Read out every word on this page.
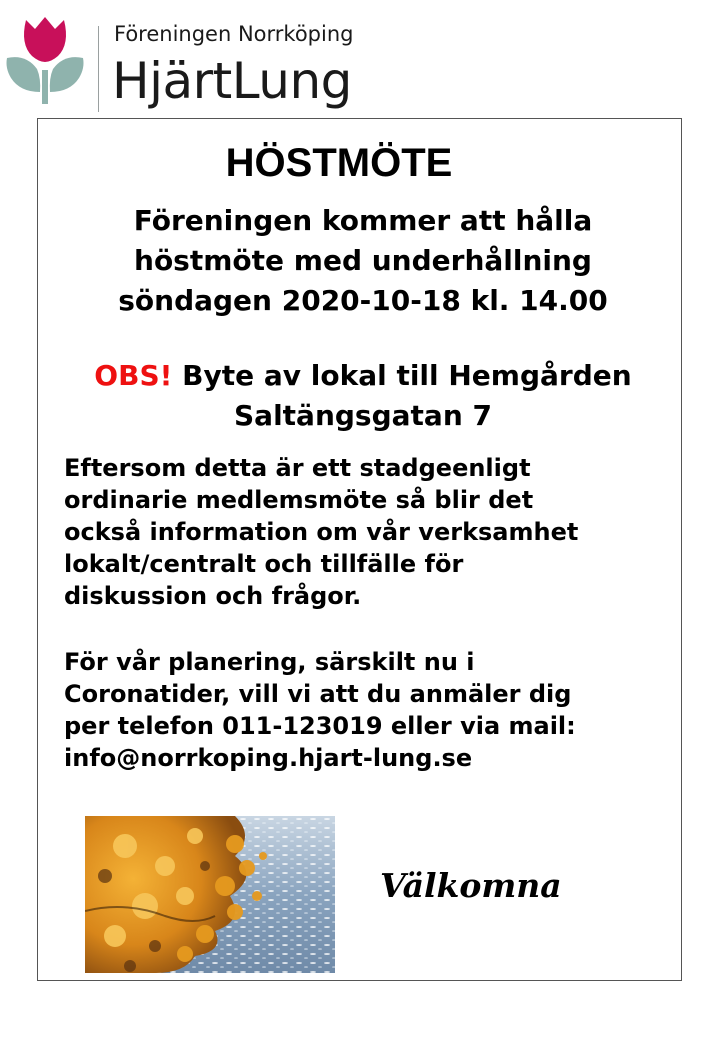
Föreningen Norrköping
HjärtLung
HÖSTMÖTE

Föreningen kommer att hålla
höstmöte med underhållning
söndagen 2020-10-18 kl. 14.00

OBS! Byte av lokal till Hemgården
Saltängsgatan 7

Eftersom detta är ett stadgeenligt
ordinarie medlemsmöte så blir det
också information om vår verksamhet
lokalt/centralt och tillfälle för
diskussion och frågor.

För vår planering, särskilt nu i
Coronatider, vill vi att du anmäler dig
per telefon 011-123019 eller via mail:
info@norrkoping.hjart-lung.se

Välkomna
